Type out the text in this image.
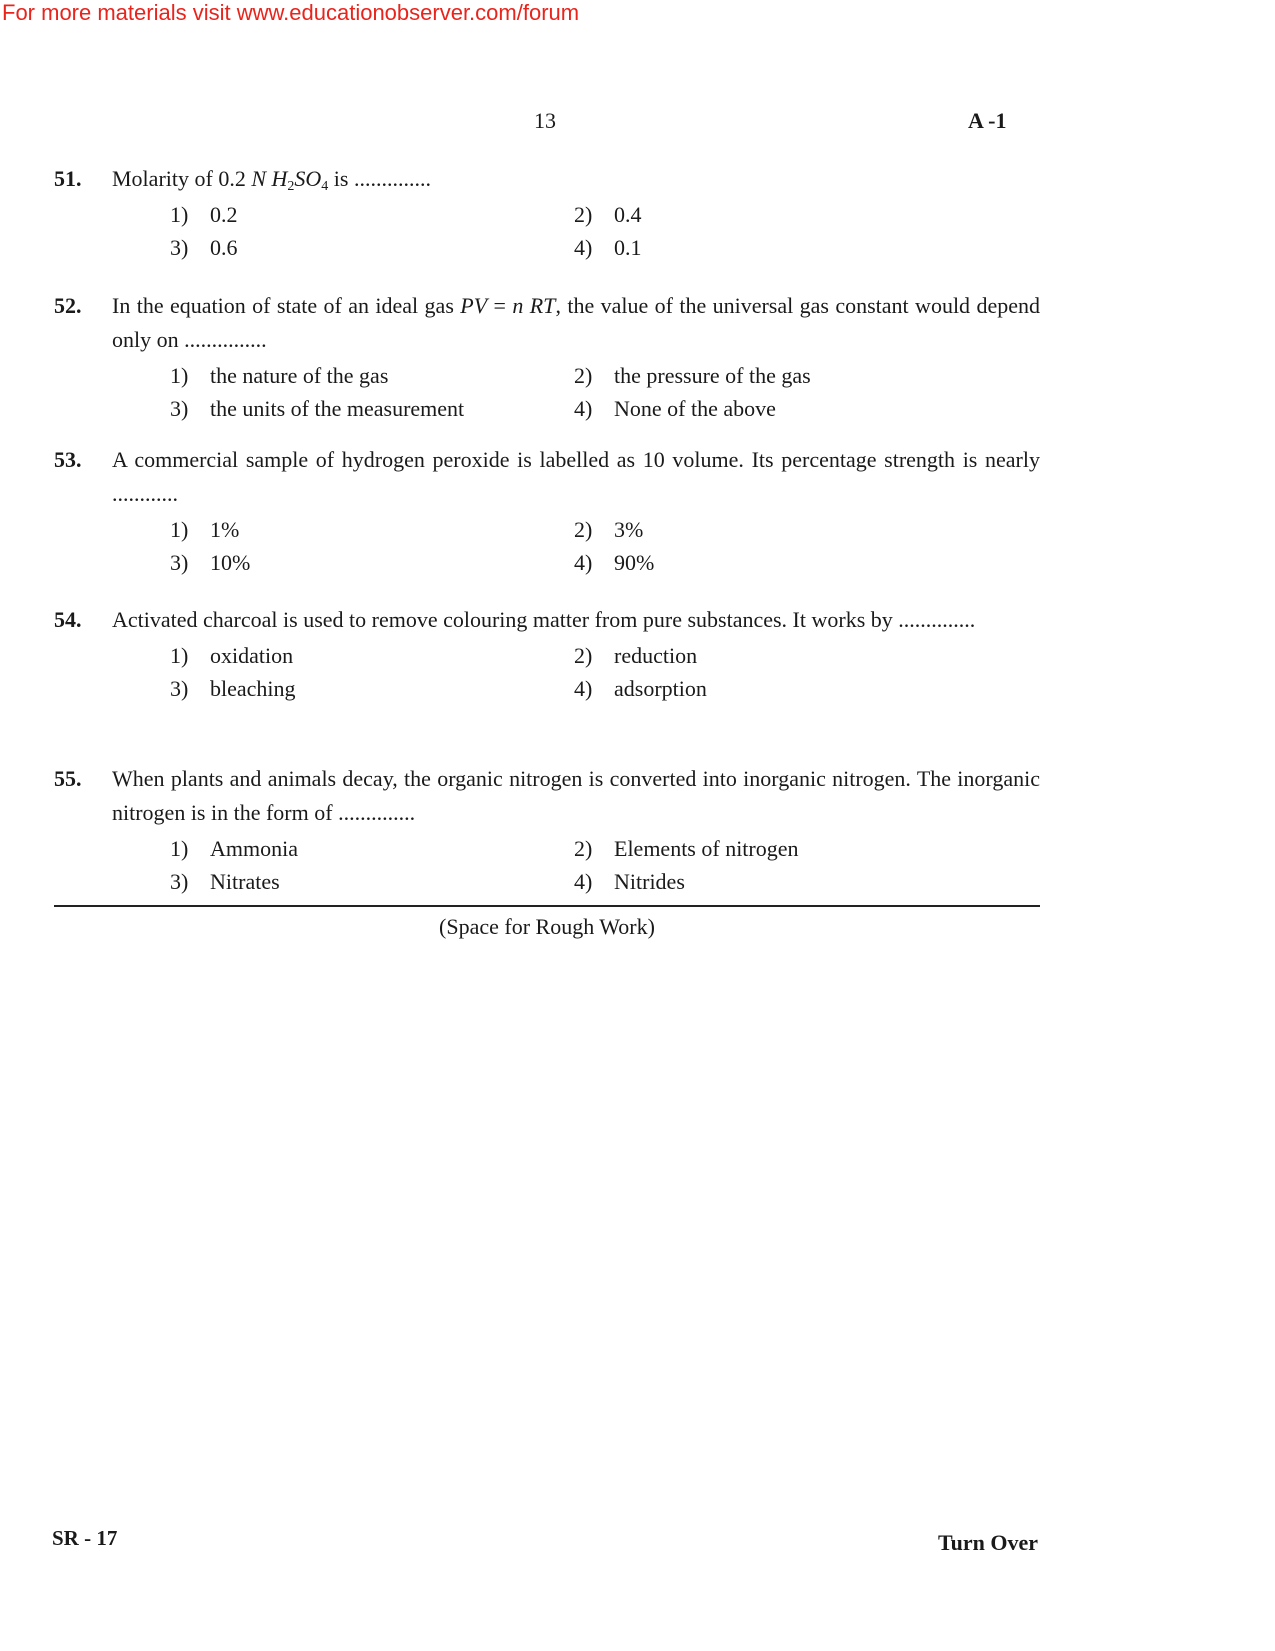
For more materials visit www.educationobserver.com/forum
13	A -1
51. Molarity of 0.2 N $H_2SO_4$ is ..............
1) 0.2	2) 0.4
3) 0.6	4) 0.1
52. In the equation of state of an ideal gas PV = n RT, the value of the universal gas constant would depend only on ...............
1) the nature of the gas	2) the pressure of the gas
3) the units of the measurement	4) None of the above
53. A commercial sample of hydrogen peroxide is labelled as 10 volume. Its percentage strength is nearly ............
1) 1%	2) 3%
3) 10%	4) 90%
54. Activated charcoal is used to remove colouring matter from pure substances. It works by ..............
1) oxidation	2) reduction
3) bleaching	4) adsorption
55. When plants and animals decay, the organic nitrogen is converted into inorganic nitrogen. The inorganic nitrogen is in the form of ..............
1) Ammonia	2) Elements of nitrogen
3) Nitrates	4) Nitrides
(Space for Rough Work)
SR - 17	Turn Over
